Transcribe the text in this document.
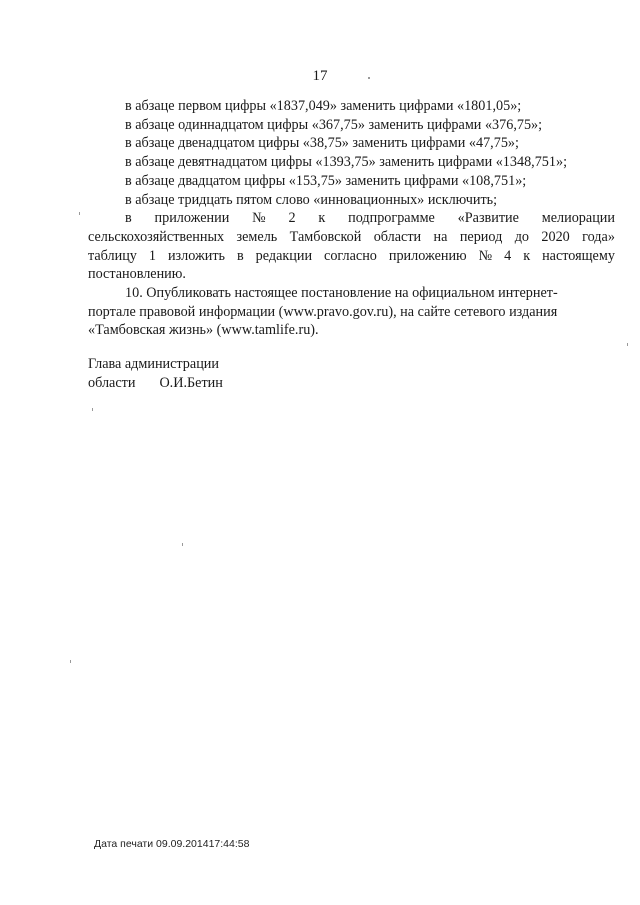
17
в абзаце первом цифры «1837,049» заменить цифрами «1801,05»;
в абзаце одиннадцатом цифры «367,75» заменить цифрами «376,75»;
в абзаце двенадцатом цифры «38,75» заменить цифрами «47,75»;
в абзаце девятнадцатом цифры «1393,75» заменить цифрами «1348,751»;
в абзаце двадцатом цифры «153,75» заменить цифрами «108,751»;
в абзаце тридцать пятом слово «инновационных» исключить;
в приложении № 2 к подпрограмме «Развитие мелиорации
сельскохозяйственных земель Тамбовской области на период до 2020 года»
таблицу 1 изложить в редакции согласно приложению № 4 к настоящему
постановлению.
10. Опубликовать настоящее постановление на официальном интернет-
портале правовой информации (www.pravo.gov.ru), на сайте сетевого издания
«Тамбовская жизнь» (www.tamlife.ru).
Глава администрации
области О.И.Бетин
Дата печати 09.09.201417:44:58
